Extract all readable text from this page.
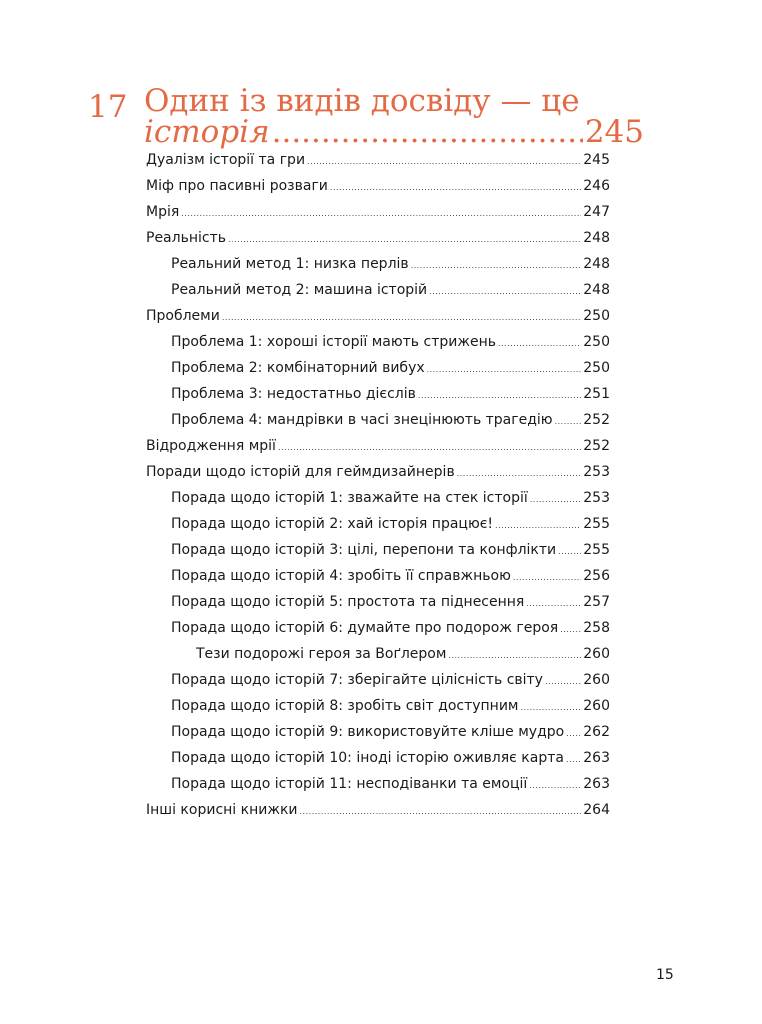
17 Один із видів досвіду — це
історія .....	245
Дуалізм історії та гри .....	245
Міф про пасивні розваги .....	246
Мрія .....	247
Реальність .....	248
Реальний метод 1: низка перлів .....	248
Реальний метод 2: машина історій .....	248
Проблеми .....	250
Проблема 1: хороші історії мають стрижень .....	250
Проблема 2: комбінаторний вибух .....	250
Проблема 3: недостатньо дієслів .....	251
Проблема 4: мандрівки в часі знецінюють трагедію ..... 252
Відродження мрії .....	252
Поради щодо історій для геймдизайнерів .....	253
Порада щодо історій 1: зважайте на стек історії .....	253
Порада щодо історій 2: хай історія працює! .....	255
Порада щодо історій 3: цілі, перепони та конфлікти ..... 255
Порада щодо історій 4: зробіть її справжньою .....	256
Порада щодо історій 5: простота та піднесення .....	257
Порада щодо історій 6: думайте про подорож героя ..... 258
Тези подорожі героя за Воґлером .....	260
Порада щодо історій 7: зберігайте цілісність світу .....	260
Порада щодо історій 8: зробіть світ доступним .....	260
Порада щодо історій 9: використовуйте кліше мудро ..... 262
Порада щодо історій 10: іноді історію оживляє карта ..... 263
Порада щодо історій 11: несподіванки та емоції .....	263
Інші корисні книжки .....	264
15
